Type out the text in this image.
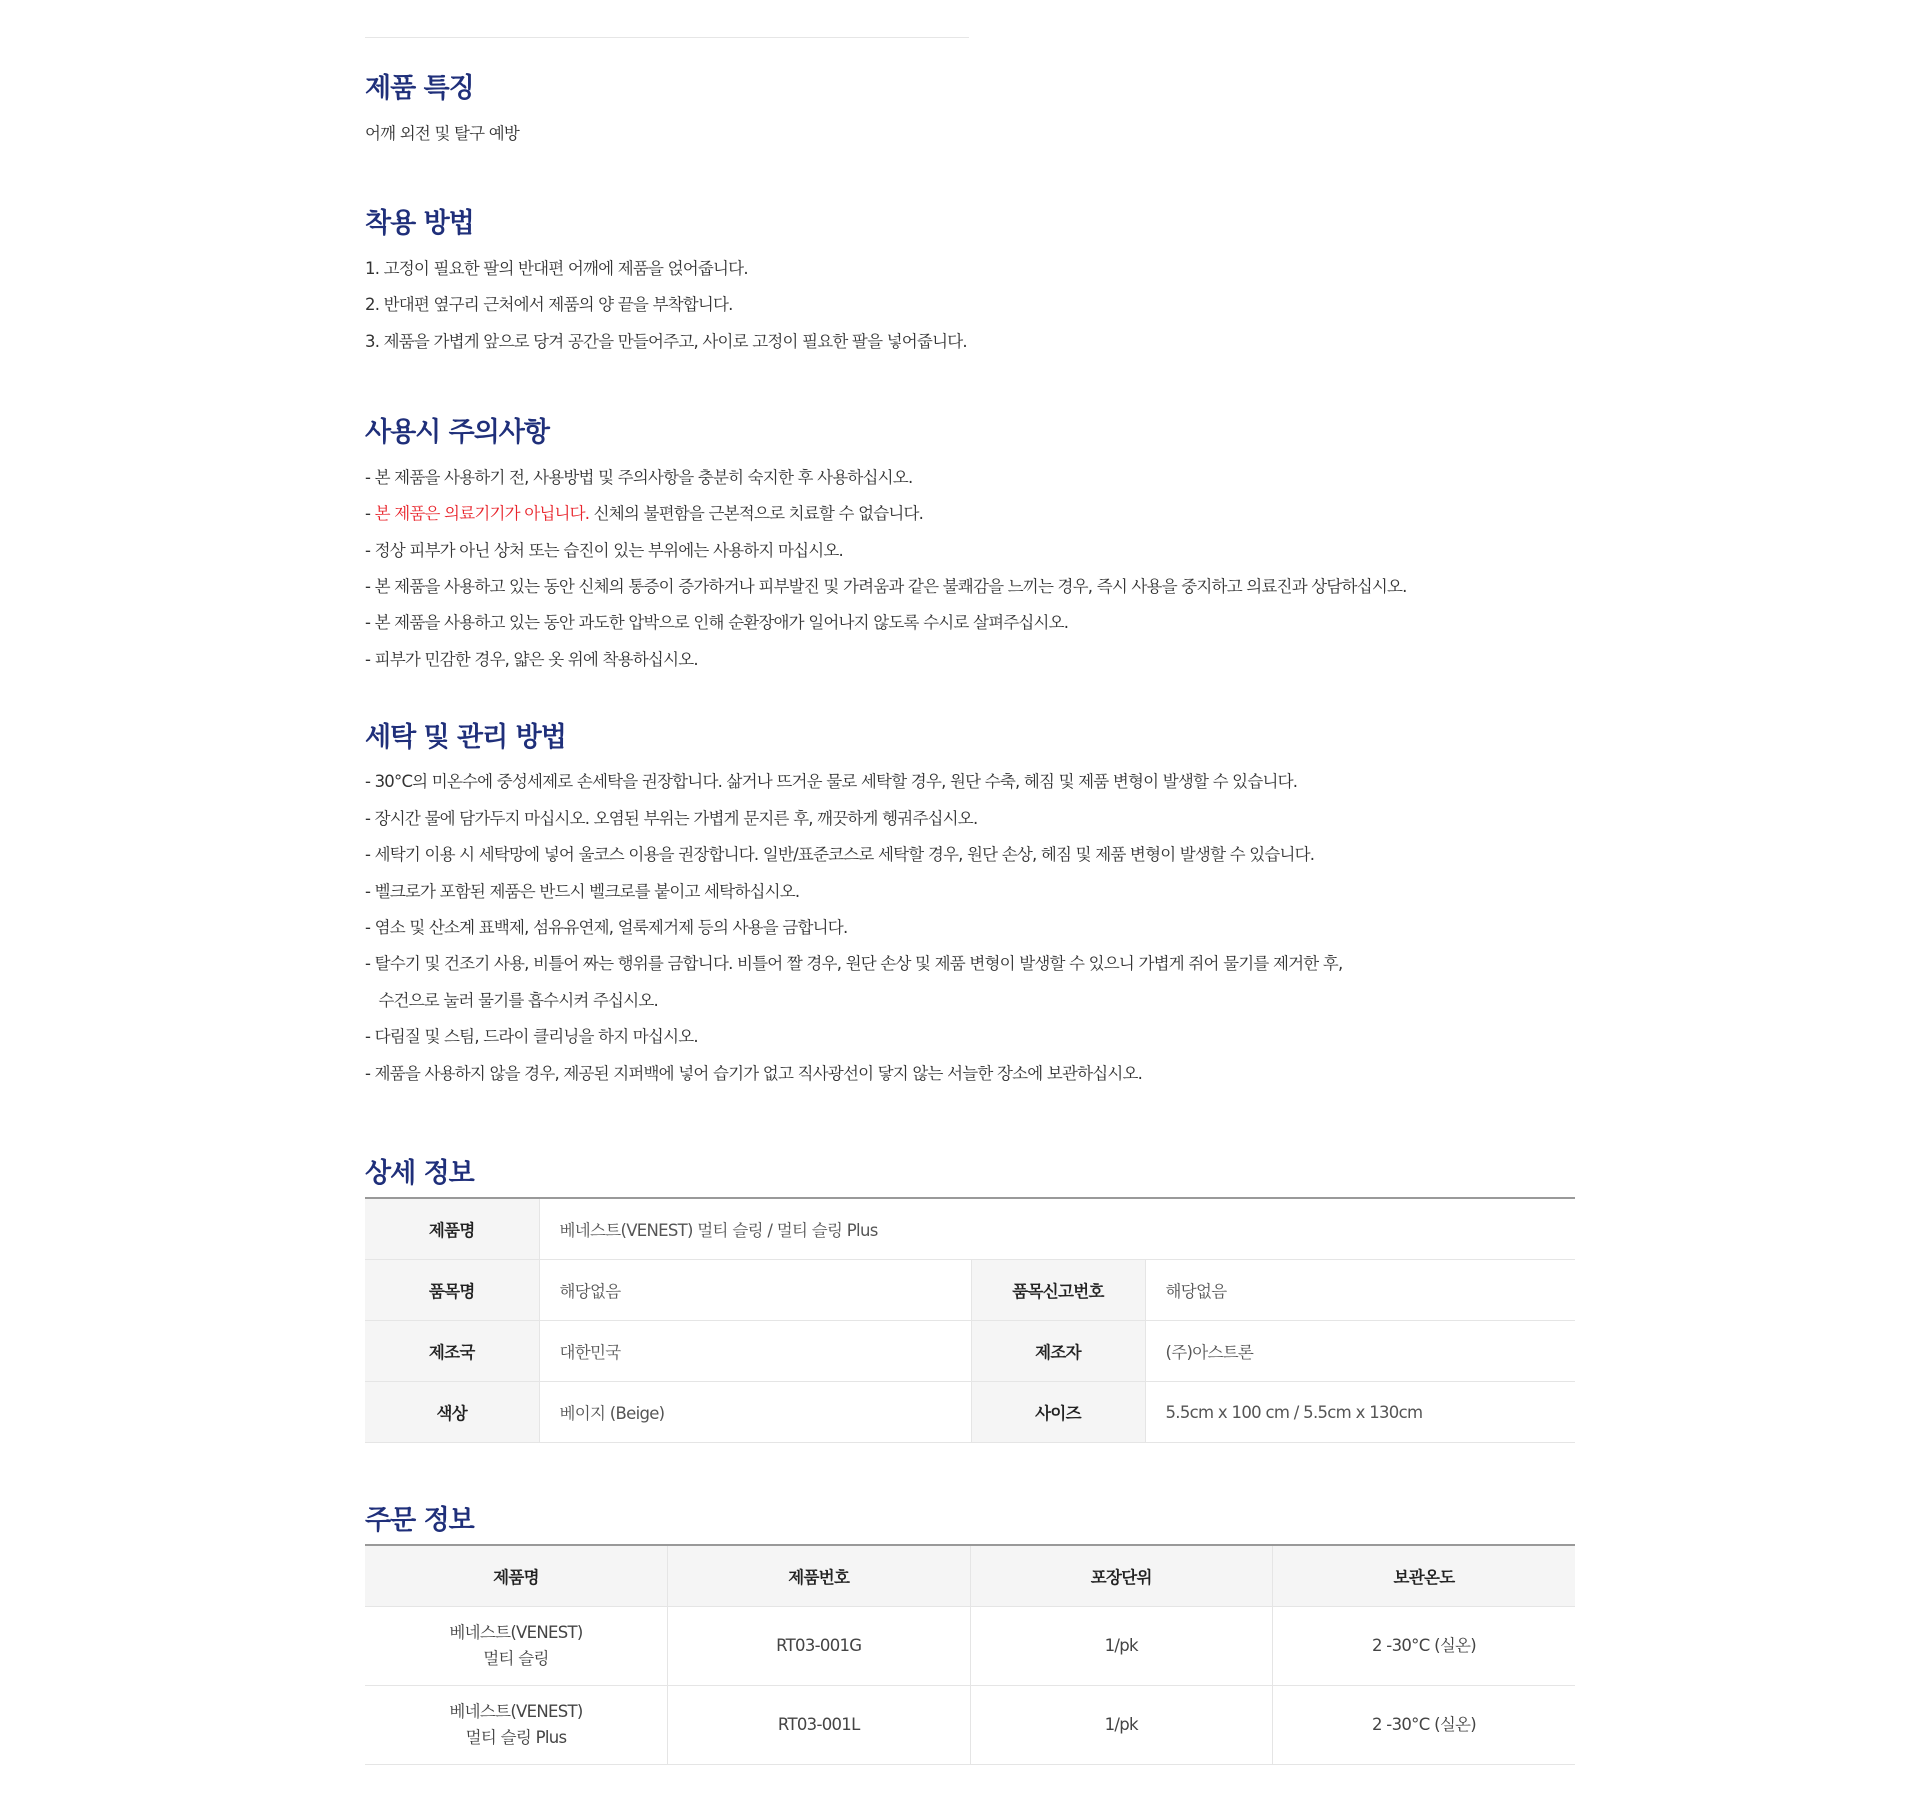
제품 특징

어깨 외전 및 탈구 예방

착용 방법

1. 고정이 필요한 팔의 반대편 어깨에 제품을 얹어줍니다.

2. 반대편 옆구리 근처에서 제품의 양 끝을 부착합니다.

3. 제품을 가볍게 앞으로 당겨 공간을 만들어주고, 사이로 고정이 필요한 팔을 넣어줍니다.

사용시 주의사항

- 본 제품을 사용하기 전, 사용방법 및 주의사항을 충분히 숙지한 후 사용하십시오.

- 본 제품은 의료기기가 아닙니다. 신체의 불편함을 근본적으로 치료할 수 없습니다.

- 정상 피부가 아닌 상처 또는 습진이 있는 부위에는 사용하지 마십시오.

- 본 제품을 사용하고 있는 동안 신체의 통증이 증가하거나 피부발진 및 가려움과 같은 불쾌감을 느끼는 경우, 즉시 사용을 중지하고 의료진과 상담하십시오.

- 본 제품을 사용하고 있는 동안 과도한 압박으로 인해 순환장애가 일어나지 않도록 수시로 살펴주십시오.

- 피부가 민감한 경우, 얇은 옷 위에 착용하십시오.

세탁 및 관리 방법

- 30°C의 미온수에 중성세제로 손세탁을 권장합니다. 삶거나 뜨거운 물로 세탁할 경우, 원단 수축, 헤짐 및 제품 변형이 발생할 수 있습니다.

- 장시간 물에 담가두지 마십시오. 오염된 부위는 가볍게 문지른 후, 깨끗하게 헹궈주십시오.

- 세탁기 이용 시 세탁망에 넣어 울코스 이용을 권장합니다. 일반/표준코스로 세탁할 경우, 원단 손상, 헤짐 및 제품 변형이 발생할 수 있습니다.

- 벨크로가 포함된 제품은 반드시 벨크로를 붙이고 세탁하십시오.

- 염소 및 산소계 표백제, 섬유유연제, 얼룩제거제 등의 사용을 금합니다.

- 탈수기 및 건조기 사용, 비틀어 짜는 행위를 금합니다. 비틀어 짤 경우, 원단 손상 및 제품 변형이 발생할 수 있으니 가볍게 쥐어 물기를 제거한 후,

수건으로 눌러 물기를 흡수시켜 주십시오.

- 다림질 및 스팀, 드라이 클리닝을 하지 마십시오.

- 제품을 사용하지 않을 경우, 제공된 지퍼백에 넣어 습기가 없고 직사광선이 닿지 않는 서늘한 장소에 보관하십시오.

상세 정보
제품명	베네스트(VENEST) 멀티 슬링 / 멀티 슬링 Plus		
품목명	해당없음	품목신고번호	해당없음
제조국	대한민국	제조자	(주)아스트론
색상	베이지 (Beige)	사이즈	5.5cm x 100 cm / 5.5cm x 130cm
주문 정보
제품명	제품번호	포장단위	보관온도

베네스트(VENEST)
멀티 슬링	RT03-001G	1/pk	2 -30°C (실온)

베네스트(VENEST)
멀티 슬링 Plus	RT03-001L	1/pk	2 -30°C (실온)
